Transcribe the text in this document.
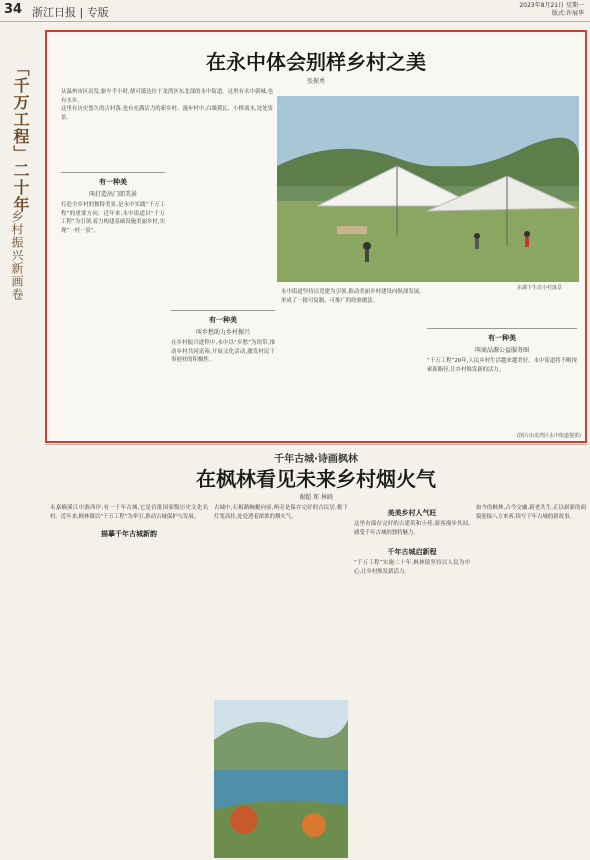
34 浙江日报 | 专版
2023年8月21日 星期一
版式:许展华
「千万工程」二十年
乡村振兴新画卷
在永中体会别样乡村之美
张振勇
东湖下生态小村落景

从温州市区出发,驱车半小时,便可抵达位于龙湾区东北部的永中街道。这里有永中新城,也有水乡。

这里有历史悠久的古村落,也有充满活力的新乡村。漫步村中,白墙黛瓦、小桥流水,处处皆景。

有一种美
叫打造出门即美景

打造全乡村的独特美景,是永中实践“千万工程”的重要方向。近年来,永中街道以“千万工程”为引领,着力构建基础设施美丽乡村,实现“一村一景”。

有一种美
叫乡愁助力乡村振兴

在乡村振兴进程中,永中以“乡愁”为纽带,推动乡村共同富裕,开展文化活动,激发村民干事创业的积极性。

永中街道坚持以党建为引领,推动美丽乡村建设向纵深发展,形成了一批可复制、可推广的经验做法。

有一种美
叫商品源公益服务圈

“千万工程”20年,人民乡村生活越来越美好。永中街道将不断探索新路径,让乡村焕发新的活力。

(图片由龙湾区永中街道提供)
千年古城·诗画枫林
在枫林看见未来乡村烟火气
谢超 郑 林晓

永嘉楠溪江中游西岸,有一千年古城,它是首批国家级历史文化名村。近年来,枫林镇以“千万工程”为牵引,推动古城保护与发展。

描摹千年古城新韵

古城中,石板路蜿蜒向前,两旁是保存完好的古民居,檐下灯笼高挂,处处透着浓浓的烟火气。	美美乡村人气旺

这里有保存完好的古建筑和小巷,游客漫步其间,感受千年古城的独特魅力。

千年古城启新程

“千万工程”实施二十年,枫林镇坚持以人民为中心,让乡村焕发新活力。

如今的枫林,古今交融,新老共生,正以崭新的面貌迎接八方来客,续写千年古城的新故事。
